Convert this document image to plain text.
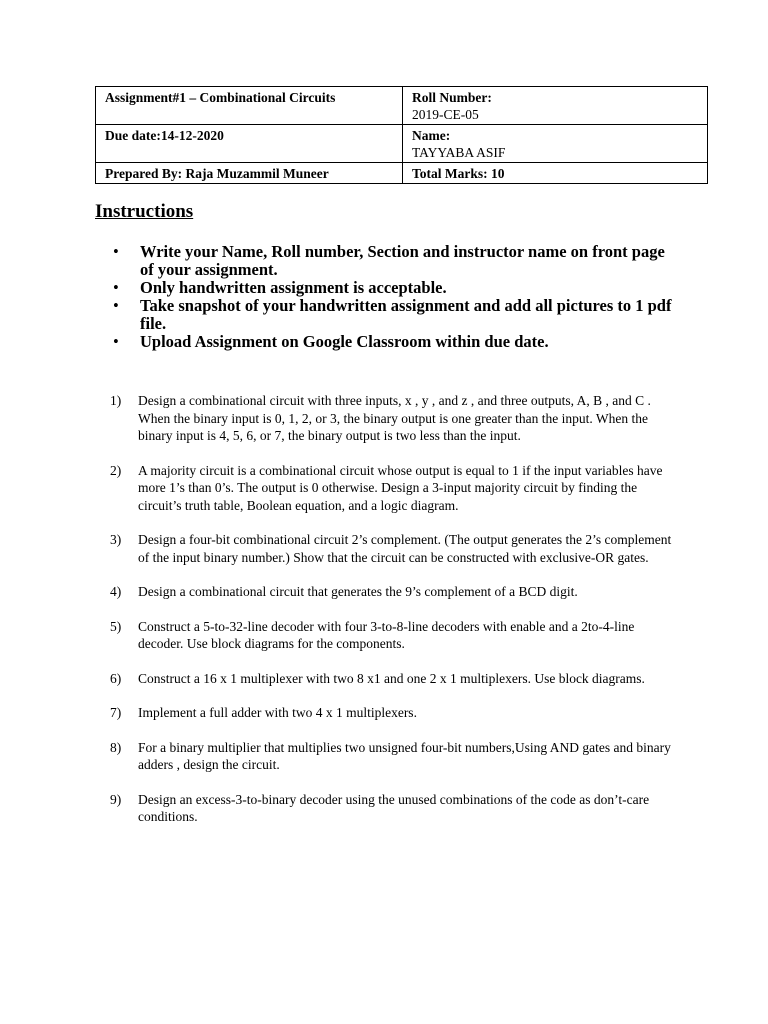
Assignment#1 – Combinational Circuits	Roll Number:
2019-CE-05

Due date:14-12-2020	Name:
TAYYABA ASIF

Prepared By: Raja Muzammil Muneer	Total Marks: 10
Instructions
• Write your Name, Roll number, Section and instructor name on front page of your assignment.
• Only handwritten assignment is acceptable.
• Take snapshot of your handwritten assignment and add all pictures to 1 pdf file.
• Upload Assignment on Google Classroom within due date.
1) Design a combinational circuit with three inputs, x , y , and z , and three outputs, A, B , and C . When the binary input is 0, 1, 2, or 3, the binary output is one greater than the input. When the binary input is 4, 5, 6, or 7, the binary output is two less than the input.
2) A majority circuit is a combinational circuit whose output is equal to 1 if the input variables have more 1’s than 0’s. The output is 0 otherwise. Design a 3-input majority circuit by finding the circuit’s truth table, Boolean equation, and a logic diagram.
3) Design a four-bit combinational circuit 2’s complement. (The output generates the 2’s complement of the input binary number.) Show that the circuit can be constructed with exclusive-OR gates.
4) Design a combinational circuit that generates the 9’s complement of a BCD digit.
5) Construct a 5-to-32-line decoder with four 3-to-8-line decoders with enable and a 2to-4-line decoder. Use block diagrams for the components.
6) Construct a 16 x 1 multiplexer with two 8 x1 and one 2 x 1 multiplexers. Use block diagrams.
7) Implement a full adder with two 4 x 1 multiplexers.
8) For a binary multiplier that multiplies two unsigned four-bit numbers,Using AND gates and binary adders , design the circuit.
9) Design an excess-3-to-binary decoder using the unused combinations of the code as don’t-care conditions.
